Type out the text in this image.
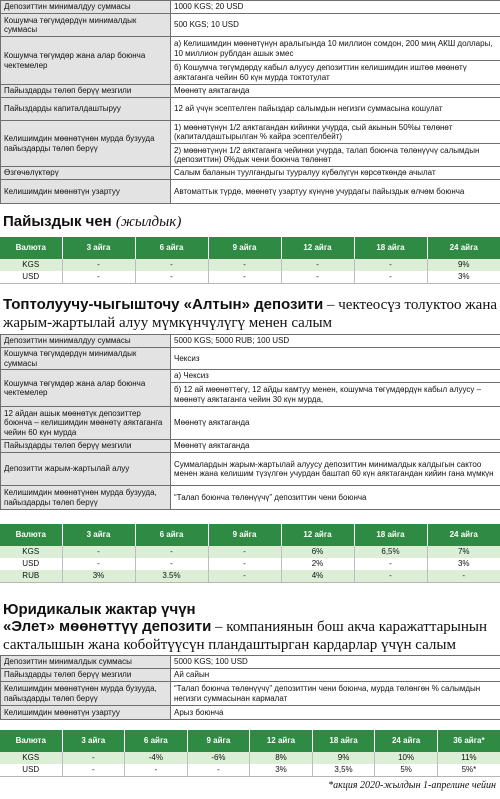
Депозиттин минималдуу суммасы	1000 KGS; 20 USD
Кошумча төгүмдөрдүн минималдык суммасы	500 KGS; 10 USD
Кошумча төгүмдөр жана алар боюнча чектемелер	а) Келишимдин мөөнөтүнүн аралыгында 10 миллион сомдон, 200 миң АКШ доллары, 10 миллион рублдан ашык эмес
	б) Кошумча төгүмдөрдү кабыл алуусу депозиттин келишимдин иштөө мөөнөтү аяктаганга чейин 60 күн мурда токтотулат
Пайыздарды төлөп берүү мезгили	Мөөнөтү аяктаганда
Пайыздарды капиталдаштыруу	12 ай үчүн эсептелген пайыздар салымдын негизги суммасына кошулат
Келишимдин мөөнөтүнөн мурда бузууда пайыздарды төлөп берүү	1) мөөнөтүнүн 1/2 аяктагандан кийинки учурда, сый акынын 50%ы төлөнөт (капиталдаштырылган % кайра эсептелбейт)
	2) мөөнөтүнүн 1/2 аяктаганга чейинки учурда, талап боюнча төлөнүүчү салымдын (депозиттин) 0%дык чени боюнча төлөнөт
Өзгөчөлүктөрү	Салым баланын туулгандыгы тууралуу күбөлүгүн көрсөткөндө ачылат
Келишимдин мөөнөтүн узартуу	Автоматтык түрдө, мөөнөтү узартуу күнүнө учурдагы пайыздык өлчөм боюнча
Пайыздык чен (жылдык)
Валюта	3 айга	6 айга	9 айга	12 айга	18 айга	24 айга
KGS	-	-	-	-	-	9%
USD	-	-	-	-	-	3%
Топтолуучу-чыгышточу «Алтын» депозити – чектеосүз толуктоо жана жарым-жартылай алуу мүмкүнчүлүгү менен салым
Депозиттин минималдуу суммасы	5000 KGS; 5000 RUB; 100 USD
Кошумча төгүмдөрдүн минималдык суммасы	Чексиз
Кошумча төгүмдөр жана алар боюнча чектемелер	а) Чексиз
	б) 12 ай мөөнөттөгү, 12 айды камтуу менен, кошумча төгүмдөрдүн кабыл алуусу – мөөнөтү аяктаганга чейин 30 күн мурда,
12 айдан ашык мөөнөтүк депозиттер боюнча – келишимдин мөөнөтү аяктаганга чейин 60 күн мурда	Мөөнөтү аяктаганда
Пайыздарды төлөп берүү мезгили	Мөөнөтү аяктаганда
Депозитти жарым-жартылай алуу	Суммалардын жарым-жартылай алуусу депозиттин минималдык калдыгын сактоо менен жана келишим түзүлгөн учурдан баштап 60 күн аяктагандан кийин гана мүмкүн
Келишимдин мөөнөтүнөн мурда бузууда, пайыздарды төлөп берүү	“Талап боюнча төлөнүүчү” депозиттин чени боюнча
Валюта	3 айга	6 айга	9 айга	12 айга	18 айга	24 айга
KGS	-	-	-	6%	6,5%	7%
USD	-	-	-	2%	-	3%
RUB	3%	3.5%	-	4%	-	-
Юридикалык жактар үчүн
«Элет» мөөнөттүү депозити – компаниянын бош акча каражаттарынын сакталышын жана кобойтүүсүн пландаштырган кардарлар үчүн салым
Депозиттин минималдык суммасы	5000 KGS; 100 USD
Пайыздарды төлөп берүү мезгили	Ай сайын
Келишимдин мөөнөтүнөн мурда бузууда, пайыздарды төлөп берүү	“Талап боюнча төлөнүүчү” депозиттин чени боюнча, мурда төлөнгөн % салымдын негизги суммасынан кармалат
Келишимдин мөөнөтүн узартуу	Арыз боюнча
Валюта	3 айга	6 айга	9 айга	12 айга	18 айга	24 айга	36 айга*
KGS	-	-4%	-6%	8%	9%	10%	11%
USD	-	-	-	3%	3,5%	5%	5%*
*акция 2020-жылдын 1-апрелине чейин
